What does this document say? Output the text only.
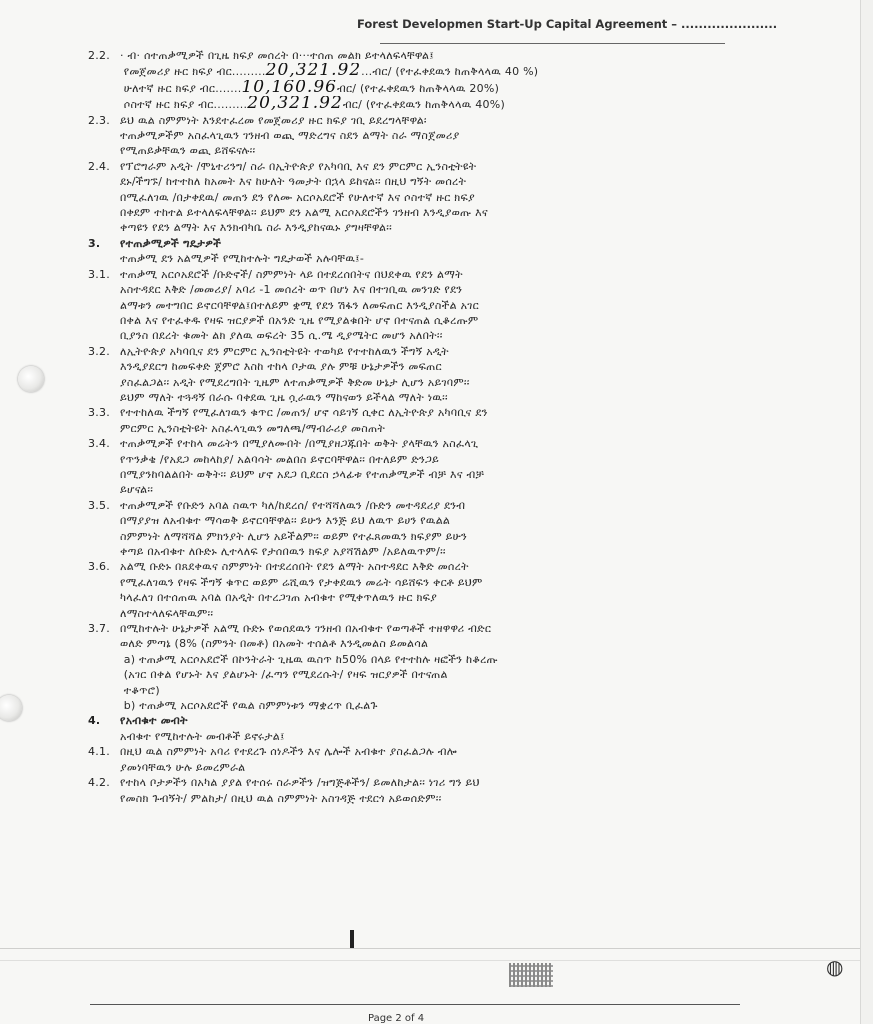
Forest Developmen Start-Up Capital Agreement – ......................
2.2. · ብ· ሰተጠቃሚዎች በጊዜ ክፍያ መሰረት በ···ተሰጠ መልክ ይተላለፍላቸዋል፤
የመጀመሪያ ዙር ክፍያ ብር.........20,321.92...ብር/ (የተፈቀደዉን ከጠቅላላዉ 40 %)
ሁለተኛ ዙር ክፍያ ብር.......10,160.96ብር/ (የተፈቀደዉን ከጠቅላላዉ 20%)
ሶስተኛ ዙር ክፍያ ብር.........20,321.92ብር/ (የተፈቀደዉን ከጠቅላላዉ 40%)
2.3. ይህ ዉል ስምምነት እንደተፈረመ የመጀመሪያ ዙር ክፍያ ገቢ ይደረግላቸዋል፡
ተጠቃሚዎችም አስፈላጊዉን ገንዘብ ወጪ ማድረግና ስደን ልማት ስራ ማስጀመሪያ
የሚጠይቃቸዉን ወጪ ይሸፍናሉ፡፡
2.4. የፕሮግራም አዲት /ሞኒተሪንግ/ ስራ በኢትዮጵያ የአካባቢ እና ደን ምርምር ኢንስቲትዩት
ደኑ/ችግኙ/ ከተተከለ ከአመት እና ከሁለት ዓመታት በኋላ ይከናል፡፡ በዚህ ግኝት መሰረት
በሚፈለገዉ /በታቀደዉ/ መጠን ደን የለሙ አርሶአደሮች የሁለተኛ እና ሶስተኛ ዙር ክፍያ
በቀደም ተከተል ይተላለፍላቸዋል፡፡ ይህም ደን አልሚ አርሶአደሮችን ገንዘብ እንዲያወጡ እና
ቀጣዩን የደን ልማት እና እንክብካቤ ስራ እንዲያከናዉኑ ያግዛቸዋል፡፡
3. የተጠቃሚዎች ግዴታዎች
ተጠቃሚ ደን አልሚዎች የሚከተሉት ግዴታወች አሉባቸዉ፤-
3.1. ተጠቃሚ አርሶአደሮች /ቡድኖች/ ስምምነት ላይ በተደረሰበትና በህደቀዉ የደን ልማት
አስተዳደር እቅድ /መመሪያ/ አባሪ -1 መሰረት ወጥ በሆነ እና በተገቢዉ መንገድ የደን
ልማቱን መተግበር ይኖርባቸዋል፤በተለይም ቋሚ የደን ሽፋን ለመፍጠር እንዲያስችል አገር
በቀል እና የተፈቀዱ የዛፍ ዝርያዎች በአንድ ጊዜ የሚያልቁበት ሆኖ በተናጠል ሲቆረጡም
ቢያንስ በደረት ቁመት ልክ ያለዉ ወፍረት 35 ሲ.ሜ ዲያሜትር መሆን አለበት፡፡
3.2. ለኢትዮጵያ አካባቢና ደን ምርምር ኢንስቲትዩት ተወካይ የተተከለዉን ችግኝ አዲት
እንዲያደርግ ከመፍቀድ ጀምሮ እስከ ተከላ ቦታዉ ያሉ ምቹ ሁኔታዎችን መፍጠር
ያስፈልጋል፡፡ አዲት የሚደረግበት ጊዜም ለተጠቃሚዎች ቅድመ ሁኔታ ሊሆን አይገባም፡፡
ይህም ማለት ተጓዳኝ በራሱ ባቀደዉ ጊዜ ሷራዉን ማከናወን ይችላል ማለት ነዉ፡፡
3.3. የተተከለዉ ችግኝ የሚፈለገዉን ቁጥር /መጠን/ ሆኖ ሳይገኝ ሲቀር ለኢትዮጵያ አካባቢና ደን
ምርምር ኢንስቲትዩት አስፈላጊዉን መግለጫ/ማብራሪያ መስጠት
3.4. ተጠቃሚዎች የተከላ መሬትን በሚያለሙበት /በሚያዘጋጁበት ወቅት ያላቸዉን አስፈላጊ
የጥንቃቄ /የአደጋ መከላከያ/ አልባሳት መልበስ ይኖርባቸዋል፡፡ በተለይም ድንጋይ
በሚያንከባልልበት ወቅት፡፡ ይህም ሆኖ አደጋ ቢደርስ ኃላፊቱ የተጠቃሚዎች ብቻ እና ብቻ
ይሆናል፡፡
3.5. ተጠቃሚዎች የቡድን አባል ስዉጥ ካለ/ከደረሰ/ የተሻሻለዉን /ቡድን መተዳደሪያ ደንብ
በማያያዝ ለአብቁተ ማሳወቅ ይኖርባቸዋል፡፡ ይሁን እንጅ ይህ ለዉጥ ይሀን የዉልል
ስምምነት ለማሻሻል ምክንያት ሊሆን አይችልም፡፡ ወይም የተፈጸመዉን ክፍያም ይሁን
ቀጣይ በአብቁተ ለቡድኑ ሊተላለፍ የታሰበዉን ክፍያ አያሻሽልም /አይለዉጥም/፡፡
3.6. አልሚ ቡድኑ በጸደቀዉና ስምምነት በተደረሰበት የደን ልማት አስተዳደር እቅድ መሰረት
የሚፈለገዉን የዛፍ ችግኝ ቁጥር ወይም ሬሺዉን የታቀደዉን መሬት ሳይሸፍን ቀርቶ ይህም
ካላፈለገ በተሰጠዉ አባል በአዲት በተረጋገጠ አብቁተ የሚቀጥለዉን ዙር ክፍያ
ለማስተላለፍላቸዉም፡፡
3.7. በሚከተሉት ሁኔታዎች አልሚ ቡድኑ የወሰደዉን ገንዘብ በአብቁተ የወጣቶች ተዘዋዋሪ ብድር
ወለድ ምጣኔ (8% (ስምንት በመቶ) በአመት ተሰልቶ እንዲመልስ ይመልሳል
a) ተጠቃሚ አርሶአደሮች በኮንትራት ጊዜዉ ዉስጥ ከ50% በላይ የተተከሉ ዛፎችን ከቆረጡ
(አገር በቀል የሆኑት እና ያልሆኑት /ፈጣን የሚደረሱት/ የዛፍ ዝርያዎች በተናጠል
ተቆጥሮ)
b) ተጠቃሚ አርሶአደሮች የዉል ስምምነቱን ማቋረጥ ቢፈልጉ
4. የአብቁተ መብት
አብቁተ የሚከተሉት መብቶች ይኖሩታል፤
4.1. በዚህ ዉል ስምምነት አባሪ የተደረጉ ሰነዶችን እና ሌሎች አብቁተ ያስፈልጋሉ ብሎ
ያመነባቸዉን ሁሉ ይመረምራል
4.2. የተከላ ቦታዎችን በአካል ያያል የተሰሩ ስራዎችን /ዝግጅቶችን/ ይመለከታል፡፡ ነገሪ ግን ይህ
የመስክ ጉብኝት/ ምልከታ/ በዚህ ዉል ስምምነት አስገዳጅ ተደርጎ አይወሰድም፡፡
◍
Page 2 of 4
